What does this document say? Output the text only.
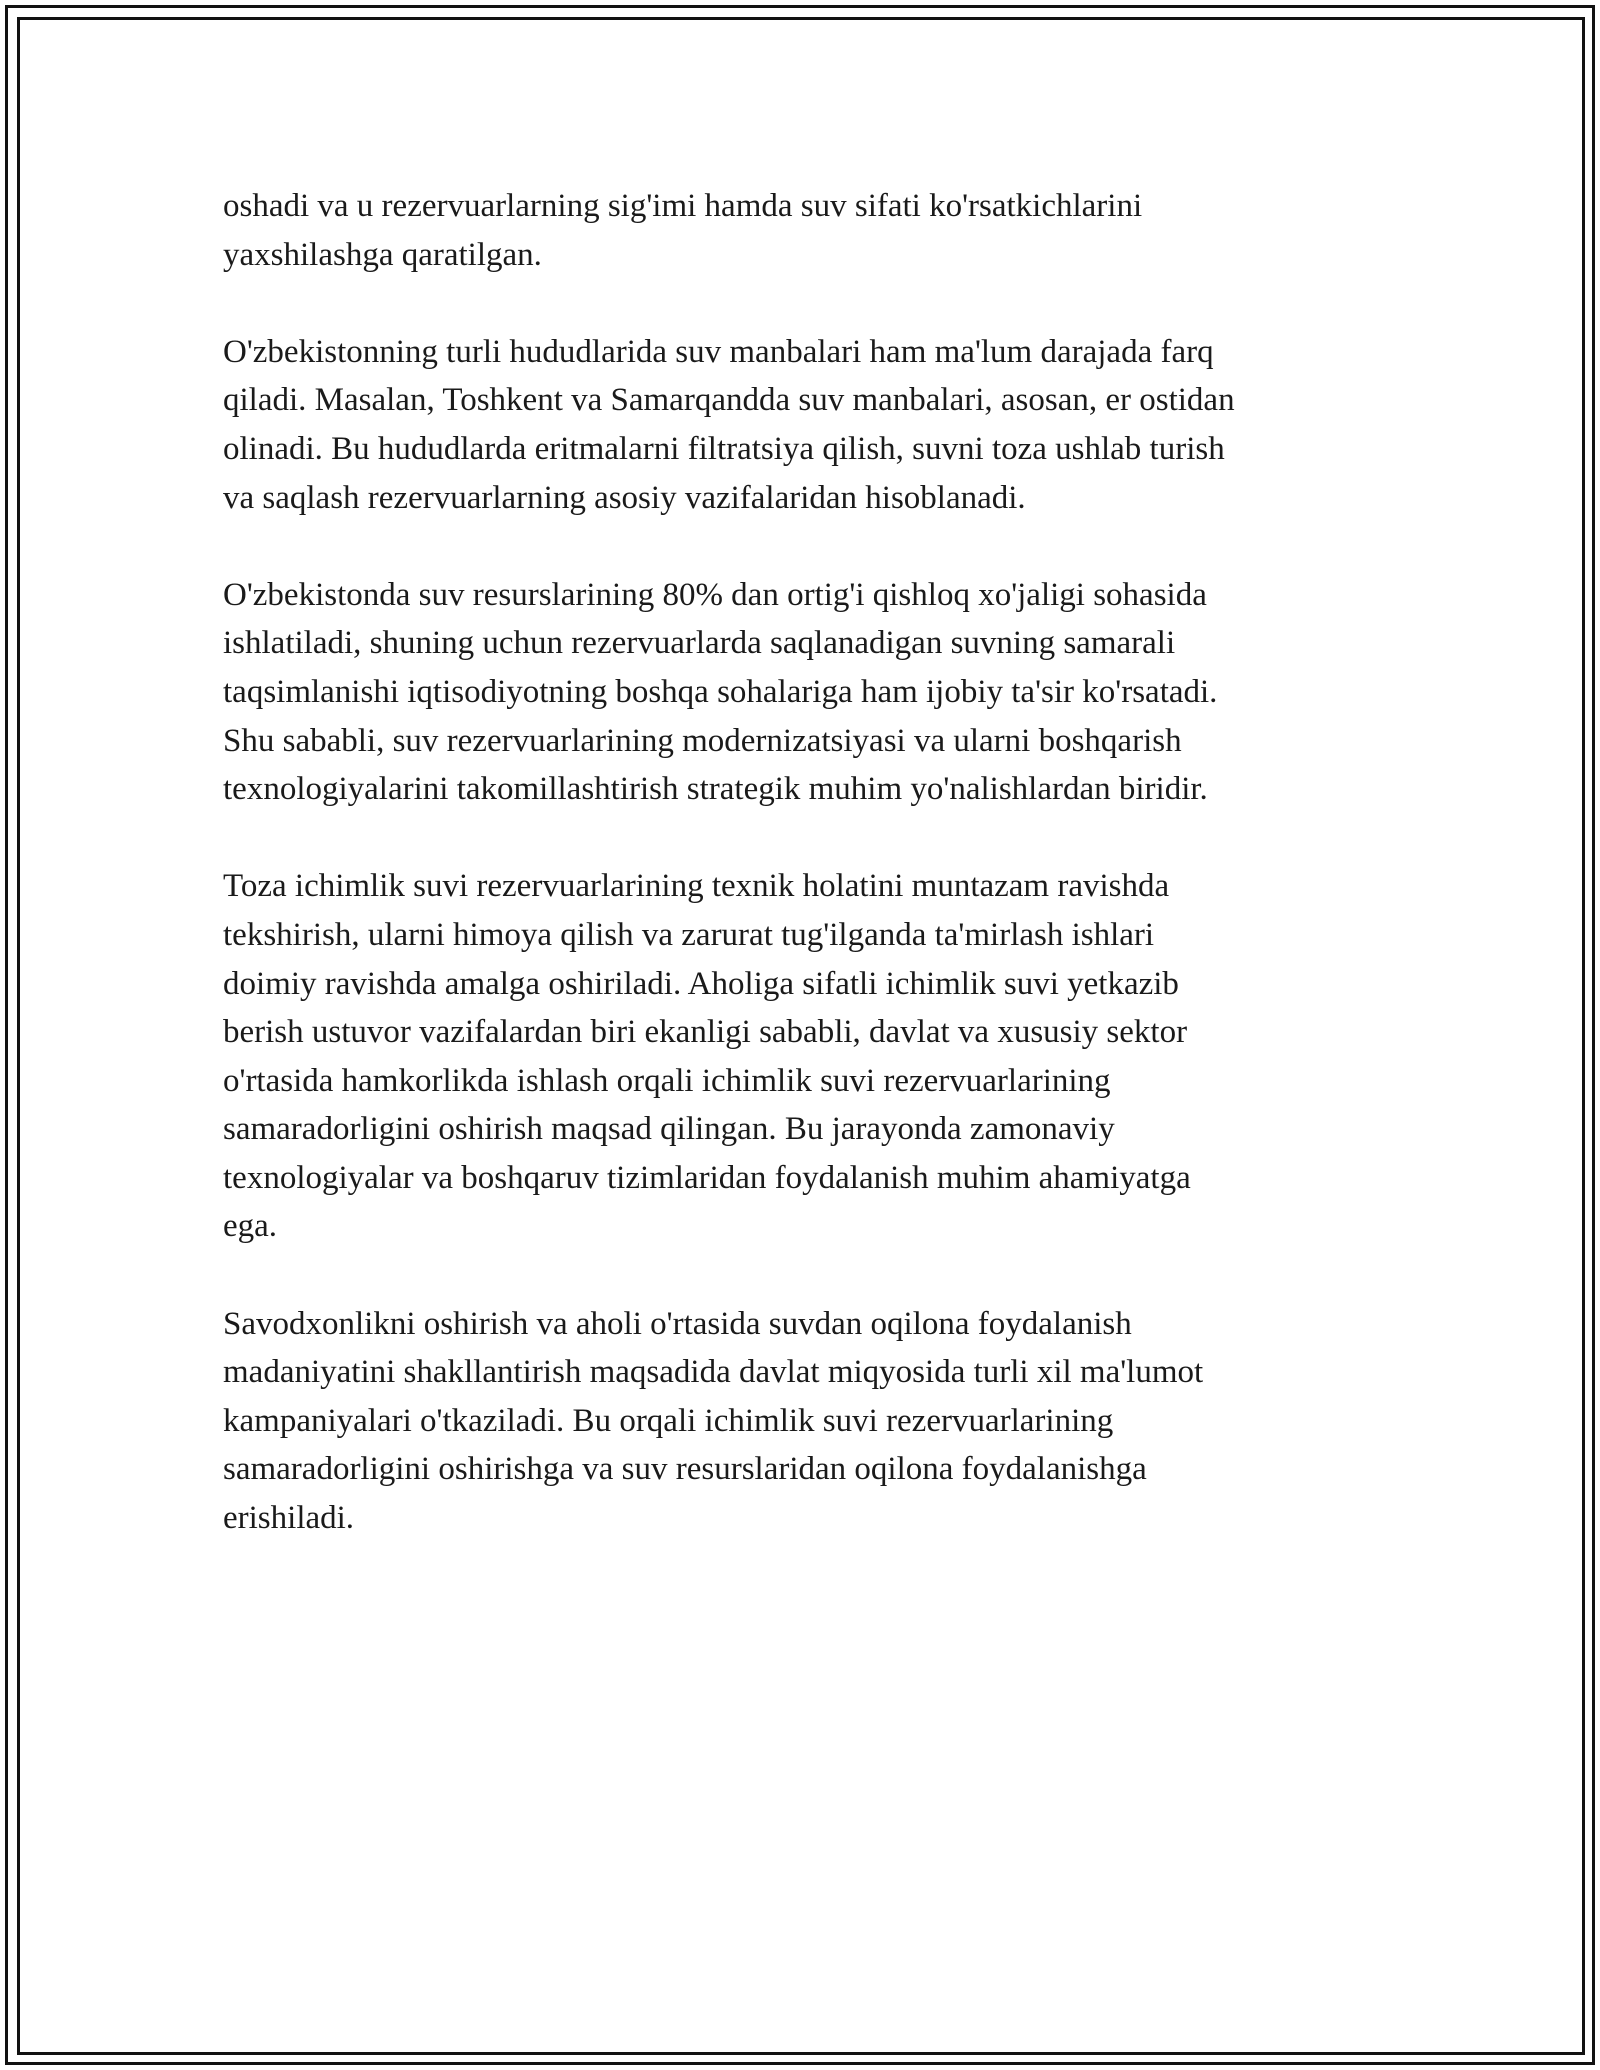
oshadi va u rezervuarlarning sig'imi hamda suv sifati ko'rsatkichlarini
yaxshilashga qaratilgan.

O'zbekistonning turli hududlarida suv manbalari ham ma'lum darajada farq
qiladi. Masalan, Toshkent va Samarqandda suv manbalari, asosan, er ostidan
olinadi. Bu hududlarda eritmalarni filtratsiya qilish, suvni toza ushlab turish
va saqlash rezervuarlarning asosiy vazifalaridan hisoblanadi.

O'zbekistonda suv resurslarining 80% dan ortig'i qishloq xo'jaligi sohasida
ishlatiladi, shuning uchun rezervuarlarda saqlanadigan suvning samarali
taqsimlanishi iqtisodiyotning boshqa sohalariga ham ijobiy ta'sir ko'rsatadi.
Shu sababli, suv rezervuarlarining modernizatsiyasi va ularni boshqarish
texnologiyalarini takomillashtirish strategik muhim yo'nalishlardan biridir.

Toza ichimlik suvi rezervuarlarining texnik holatini muntazam ravishda
tekshirish, ularni himoya qilish va zarurat tug'ilganda ta'mirlash ishlari
doimiy ravishda amalga oshiriladi. Aholiga sifatli ichimlik suvi yetkazib
berish ustuvor vazifalardan biri ekanligi sababli, davlat va xususiy sektor
o'rtasida hamkorlikda ishlash orqali ichimlik suvi rezervuarlarining
samaradorligini oshirish maqsad qilingan. Bu jarayonda zamonaviy
texnologiyalar va boshqaruv tizimlaridan foydalanish muhim ahamiyatga
ega.

Savodxonlikni oshirish va aholi o'rtasida suvdan oqilona foydalanish
madaniyatini shakllantirish maqsadida davlat miqyosida turli xil ma'lumot
kampaniyalari o'tkaziladi. Bu orqali ichimlik suvi rezervuarlarining
samaradorligini oshirishga va suv resurslaridan oqilona foydalanishga
erishiladi.
